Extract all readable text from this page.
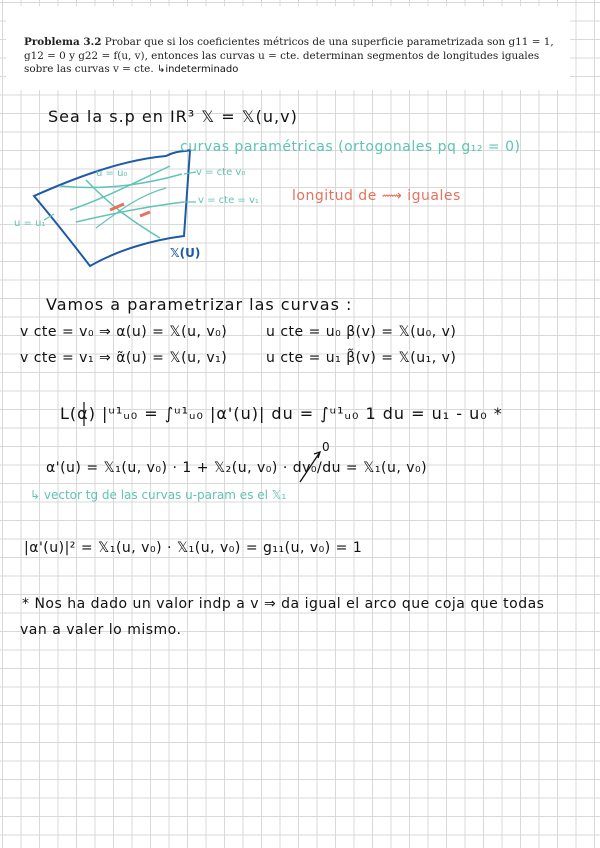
Problema 3.2 Probar que si los coeficientes métricos de una superficie parametrizada son g11 = 1, g12 = 0 y g22 = f(u, v), entonces las curvas u = cte. determinan segmentos de longitudes iguales sobre las curvas v = cte. ↳indeterminado

Sea la s.p en IR³ 𝕏 = 𝕏(u,v)

curvas paramétricas (ortogonales pq g₁₂ = 0)

u = u₀	v = cte v₀

v = cte = v₁

u = u₁

𝕏(U)

longitud de ⟿ iguales

Vamos a parametrizar las curvas :

v cte = v₀ ⇒ α(u) = 𝕏(u, v₀)	u cte = u₀ β(v) = 𝕏(u₀, v)

v cte = v₁ ⇒ α̃(u) = 𝕏(u, v₁)	u cte = u₁ β̃(v) = 𝕏(u₁, v)

L(α) |ᵘ¹ᵤ₀ = ∫ᵘ¹ᵤ₀ |α'(u)| du = ∫ᵘ¹ᵤ₀ 1 du = u₁ - u₀ *

0

α'(u) = 𝕏₁(u, v₀) · 1 + 𝕏₂(u, v₀) · dv₀/du = 𝕏₁(u, v₀)

↳ vector tg de las curvas u-param es el 𝕏₁

|α'(u)|² = 𝕏₁(u, v₀) · 𝕏₁(u, v₀) = g₁₁(u, v₀) = 1

* Nos ha dado un valor indp a v ⇒ da igual el arco que coja que todas

van a valer lo mismo.
